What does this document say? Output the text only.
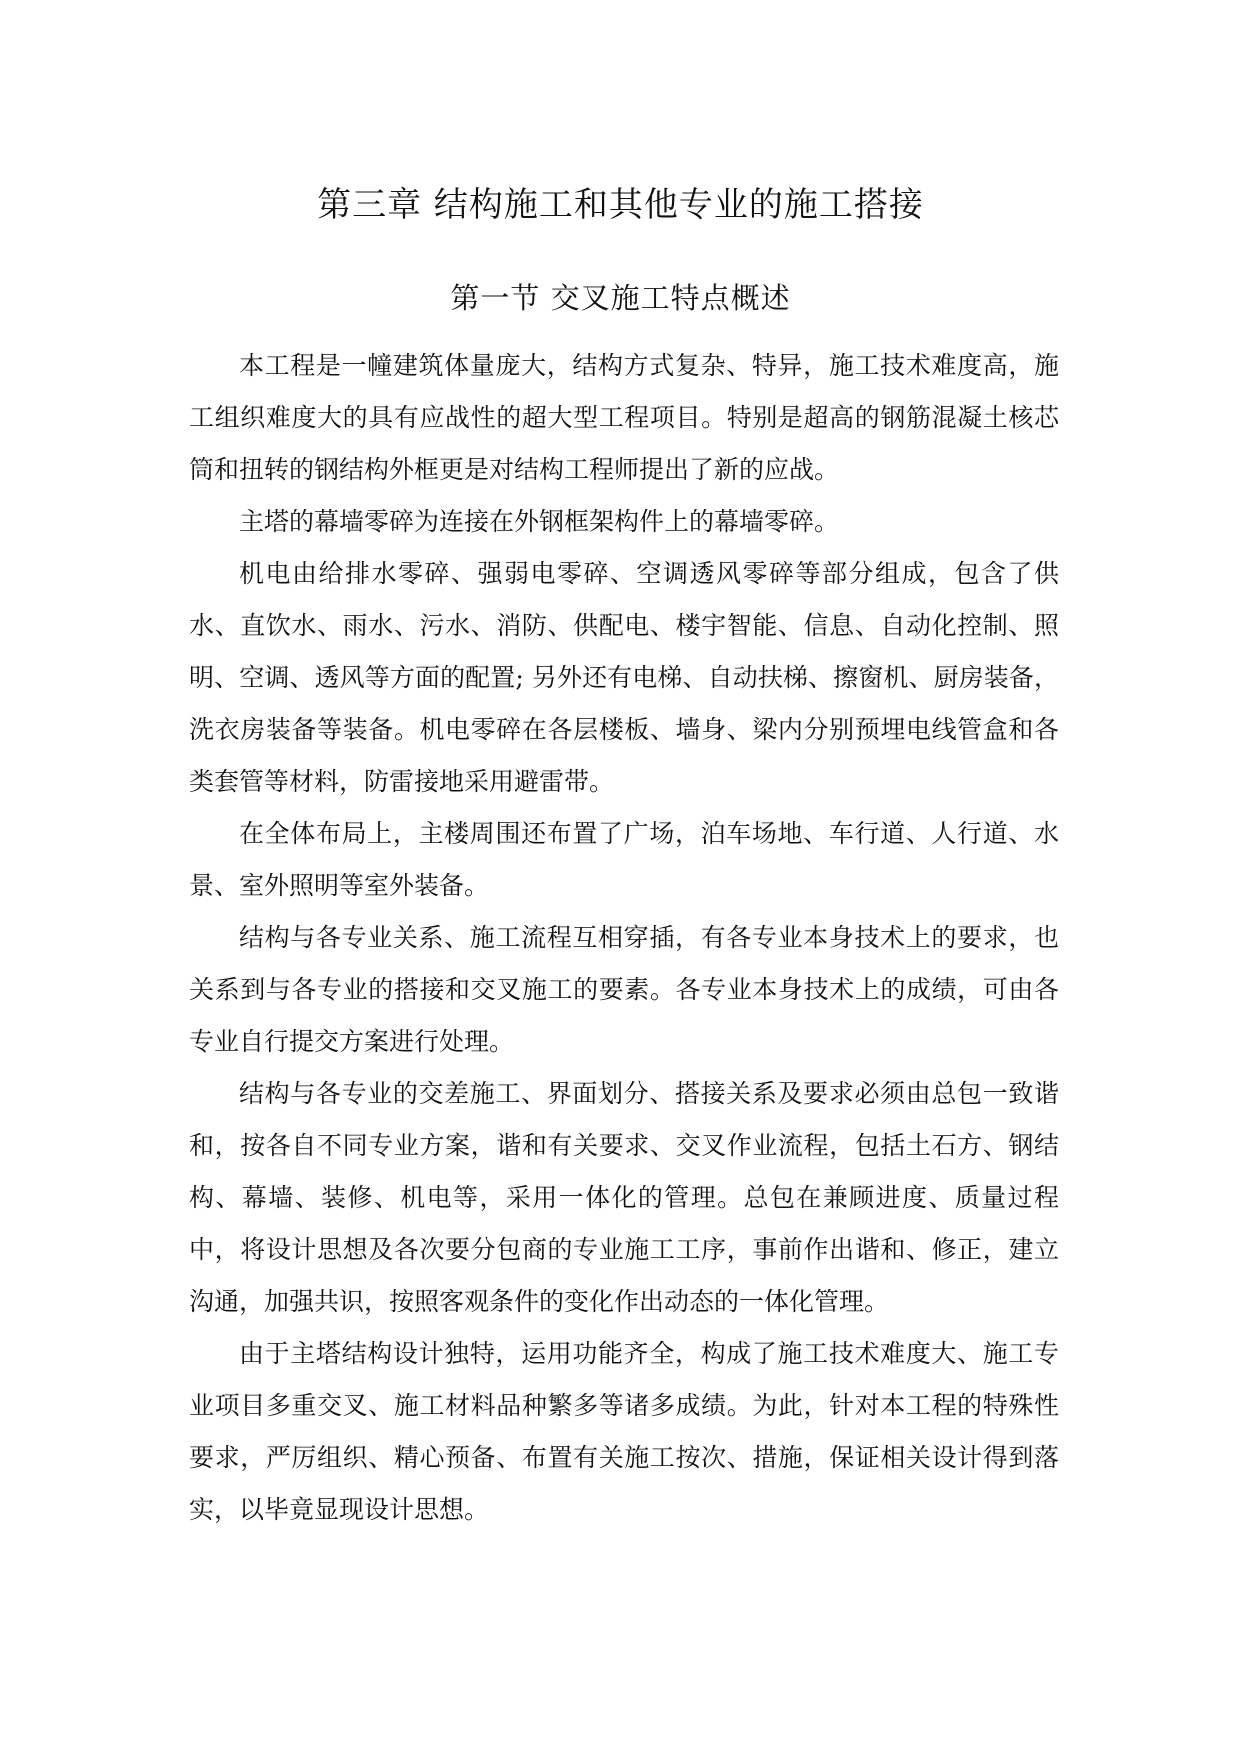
第三章 结构施工和其他专业的施工搭接
第一节 交叉施工特点概述

本工程是一幢建筑体量庞大，结构方式复杂、特异，施工技术难度高，施工组织难度大的具有应战性的超大型工程项目。特别是超高的钢筋混凝土核芯筒和扭转的钢结构外框更是对结构工程师提出了新的应战。

主塔的幕墙零碎为连接在外钢框架构件上的幕墙零碎。

机电由给排水零碎、强弱电零碎、空调透风零碎等部分组成，包含了供水、直饮水、雨水、污水、消防、供配电、楼宇智能、信息、自动化控制、照明、空调、透风等方面的配置; 另外还有电梯、自动扶梯、擦窗机、厨房装备，洗衣房装备等装备。机电零碎在各层楼板、墙身、梁内分别预埋电线管盒和各类套管等材料，防雷接地采用避雷带。

在全体布局上，主楼周围还布置了广场，泊车场地、车行道、人行道、水景、室外照明等室外装备。

结构与各专业关系、施工流程互相穿插，有各专业本身技术上的要求，也关系到与各专业的搭接和交叉施工的要素。各专业本身技术上的成绩，可由各专业自行提交方案进行处理。

结构与各专业的交差施工、界面划分、搭接关系及要求必须由总包一致谐和，按各自不同专业方案，谐和有关要求、交叉作业流程，包括土石方、钢结构、幕墙、装修、机电等，采用一体化的管理。总包在兼顾进度、质量过程中，将设计思想及各次要分包商的专业施工工序，事前作出谐和、修正，建立沟通，加强共识，按照客观条件的变化作出动态的一体化管理。

由于主塔结构设计独特，运用功能齐全，构成了施工技术难度大、施工专业项目多重交叉、施工材料品种繁多等诸多成绩。为此，针对本工程的特殊性要求，严厉组织、精心预备、布置有关施工按次、措施，保证相关设计得到落实，以毕竟显现设计思想。
